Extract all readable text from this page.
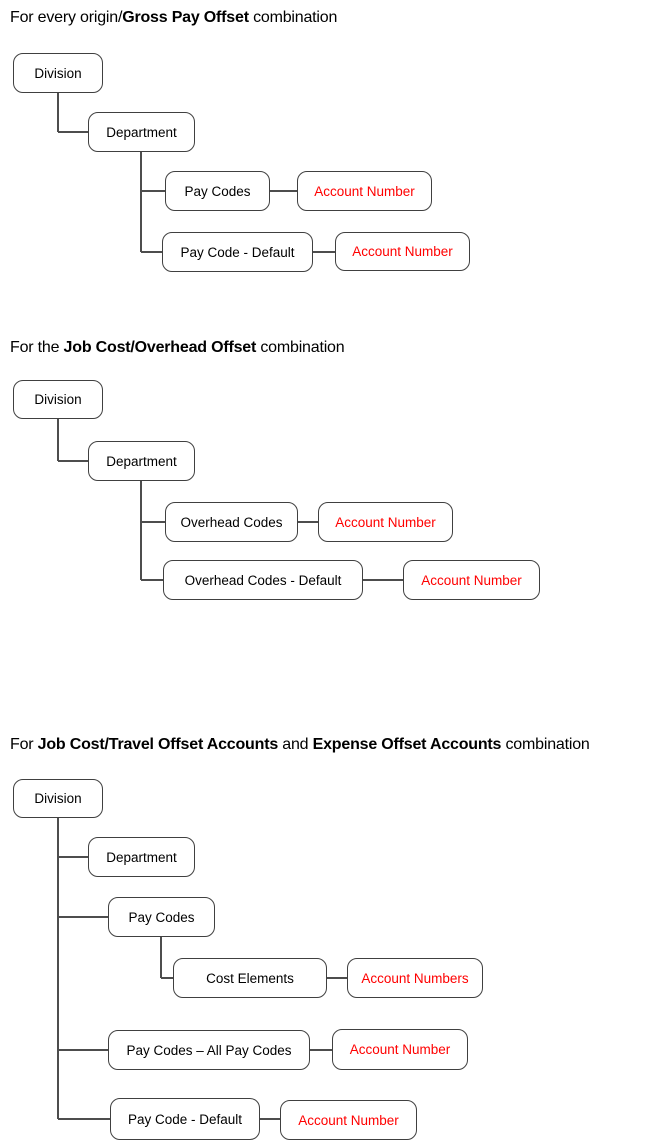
For every origin/Gross Pay Offset combination
Division
Department
Pay Codes	Account Number
Pay Code - Default	Account Number
For the Job Cost/Overhead Offset combination
Division
Department
Overhead Codes	Account Number
Overhead Codes - Default	Account Number
For Job Cost/Travel Offset Accounts and Expense Offset Accounts combination
Division
Department
Pay Codes
Cost Elements	Account Numbers
Pay Codes – All Pay Codes	Account Number
Pay Code - Default	Account Number
